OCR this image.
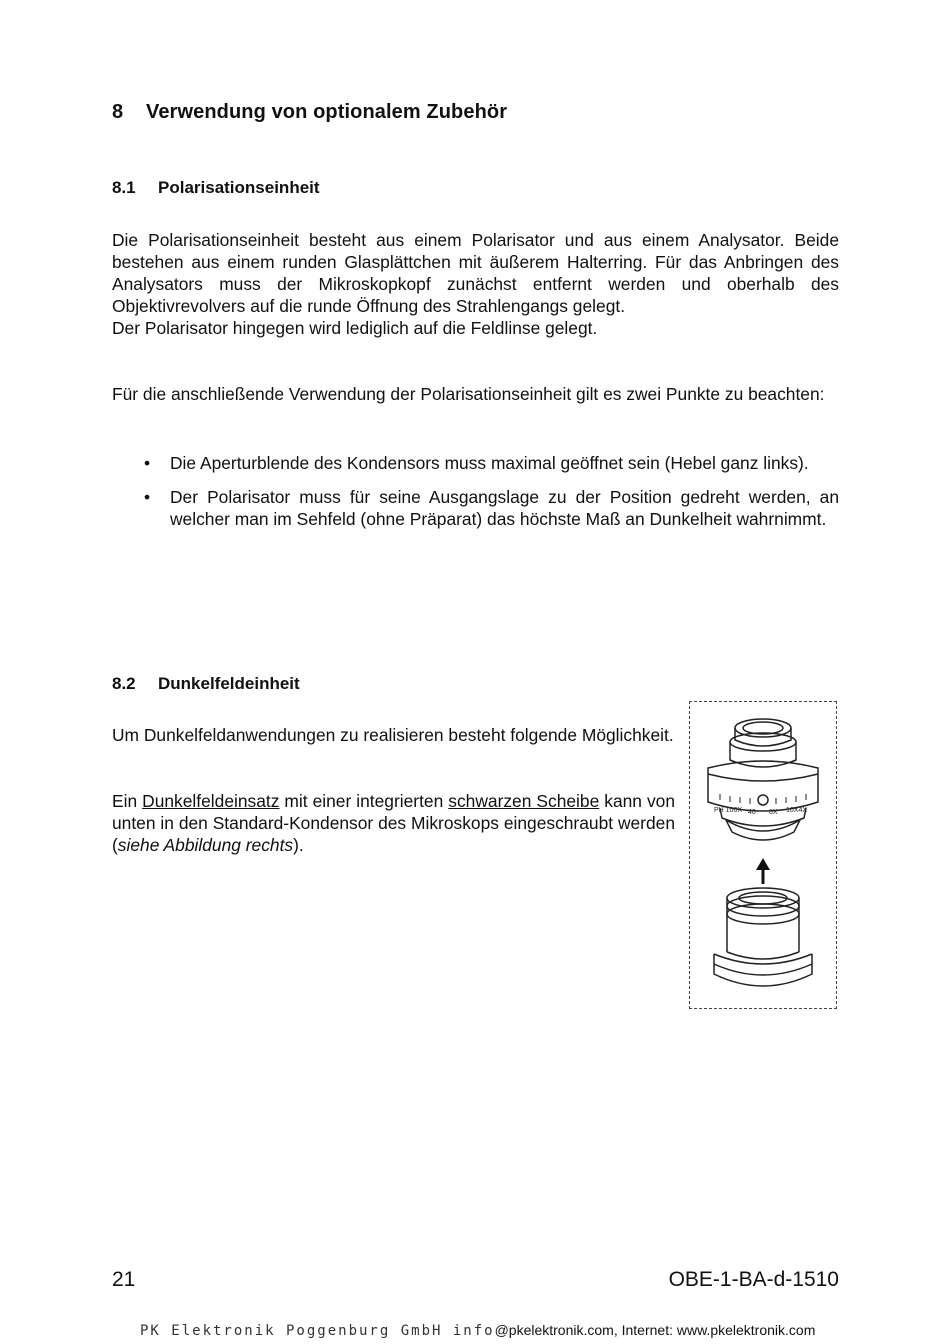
8 Verwendung von optionalem Zubehör
8.1 Polarisationseinheit
Die Polarisationseinheit besteht aus einem Polarisator und aus einem Analysator. Beide bestehen aus einem runden Glasplättchen mit äußerem Halterring. Für das Anbringen des Analysators muss der Mikroskopkopf zunächst entfernt werden und oberhalb des Objektivrevolvers auf die runde Öffnung des Strahlengangs gelegt.
Der Polarisator hingegen wird lediglich auf die Feldlinse gelegt.

Für die anschließende Verwendung der Polarisationseinheit gilt es zwei Punkte zu beachten:

• Die Aperturblende des Kondensors muss maximal geöffnet sein (Hebel ganz links).
• Der Polarisator muss für seine Ausgangslage zu der Position gedreht werden, an welcher man im Sehfeld (ohne Präparat) das höchste Maß an Dunkelheit wahrnimmt.
8.2 Dunkelfeldeinheit

Um Dunkelfeldanwendungen zu realisieren besteht folgende Möglichkeit.

Ein Dunkelfeldeinsatz mit einer integrierten schwarzen Scheibe kann von unten in den Standard-Kondensor des Mikroskops eingeschraubt werden (siehe Abbildung rechts).

PH 100X 40 0X 10X4X
21	OBE-1-BA-d-1510
PK Elektronik Poggenburg GmbH info@pkelektronik.com, Internet: www.pkelektronik.com
